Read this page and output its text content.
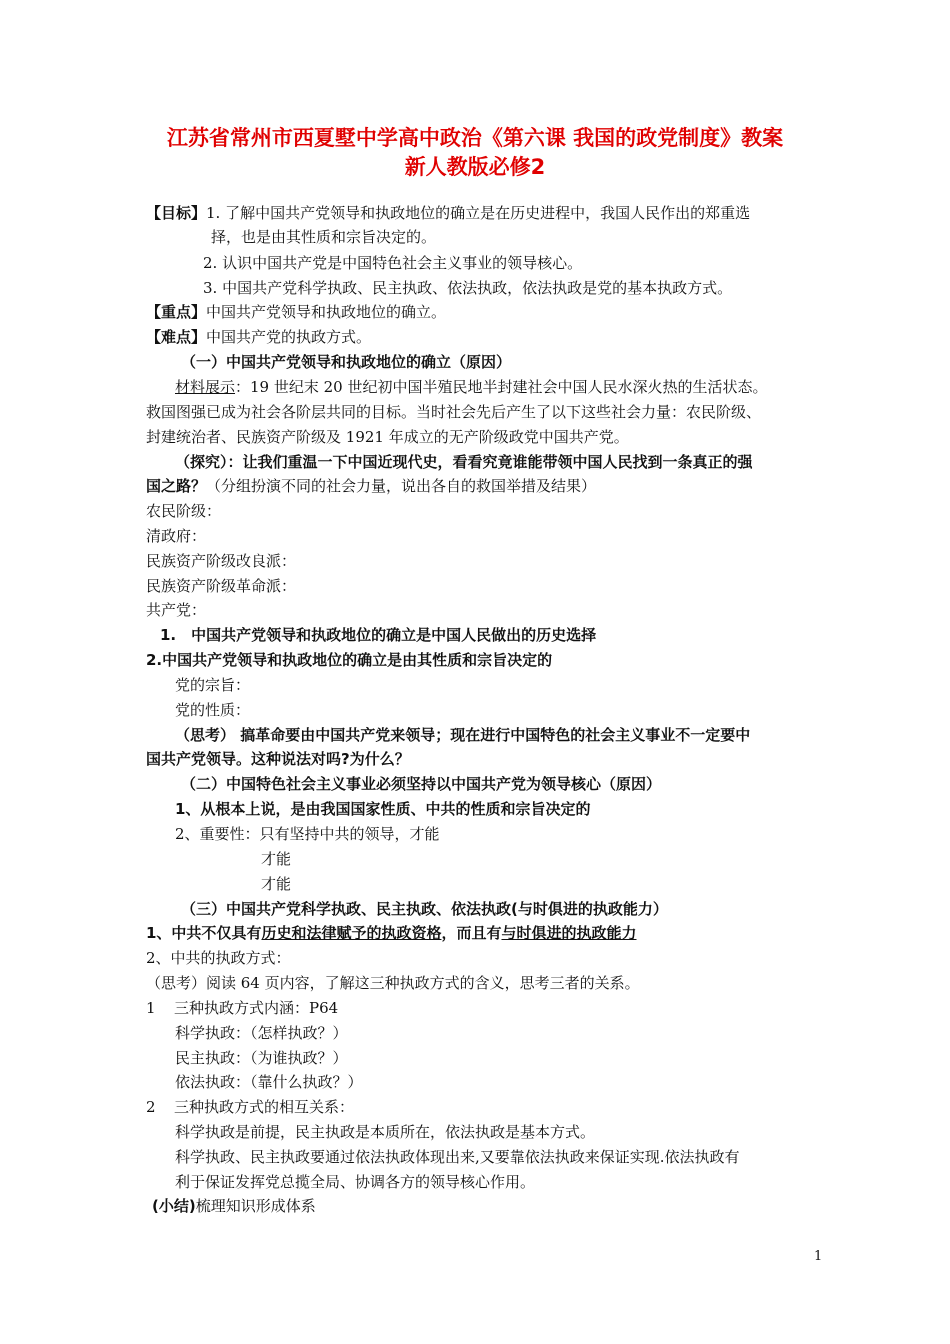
江苏省常州市西夏墅中学高中政治《第六课 我国的政党制度》教案
新人教版必修2
【目标】1. 了解中国共产党领导和执政地位的确立是在历史进程中，我国人民作出的郑重选
择，也是由其性质和宗旨决定的。
2. 认识中国共产党是中国特色社会主义事业的领导核心。
3. 中国共产党科学执政、民主执政、依法执政，依法执政是党的基本执政方式。
【重点】中国共产党领导和执政地位的确立。
【难点】中国共产党的执政方式。
（一）中国共产党领导和执政地位的确立（原因）
材料展示：19 世纪末 20 世纪初中国半殖民地半封建社会中国人民水深火热的生活状态。
救国图强已成为社会各阶层共同的目标。当时社会先后产生了以下这些社会力量：农民阶级、
封建统治者、民族资产阶级及 1921 年成立的无产阶级政党中国共产党。
（探究）：让我们重温一下中国近现代史，看看究竟谁能带领中国人民找到一条真正的强
国之路？（分组扮演不同的社会力量，说出各自的救国举措及结果）
农民阶级：
清政府：
民族资产阶级改良派：
民族资产阶级革命派：
共产党：
1.　中国共产党领导和执政地位的确立是中国人民做出的历史选择
2.中国共产党领导和执政地位的确立是由其性质和宗旨决定的
党的宗旨：
党的性质：
（思考） 搞革命要由中国共产党来领导；现在进行中国特色的社会主义事业不一定要中
国共产党领导。这种说法对吗?为什么？
（二）中国特色社会主义事业必须坚持以中国共产党为领导核心（原因）
1、从根本上说，是由我国国家性质、中共的性质和宗旨决定的
2、重要性：只有坚持中共的领导，才能
才能
才能
（三）中国共产党科学执政、民主执政、依法执政(与时俱进的执政能力）
1、中共不仅具有历史和法律赋予的执政资格，而且有与时俱进的执政能力
2、中共的执政方式：
（思考）阅读 64 页内容，了解这三种执政方式的含义，思考三者的关系。
1 三种执政方式内涵：P64
科学执政：（怎样执政？）
民主执政：（为谁执政？）
依法执政：（靠什么执政？）
2 三种执政方式的相互关系：
科学执政是前提，民主执政是本质所在，依法执政是基本方式。
科学执政、民主执政要通过依法执政体现出来,又要靠依法执政来保证实现.依法执政有
利于保证发挥党总揽全局、协调各方的领导核心作用。
(小结)梳理知识形成体系
1
